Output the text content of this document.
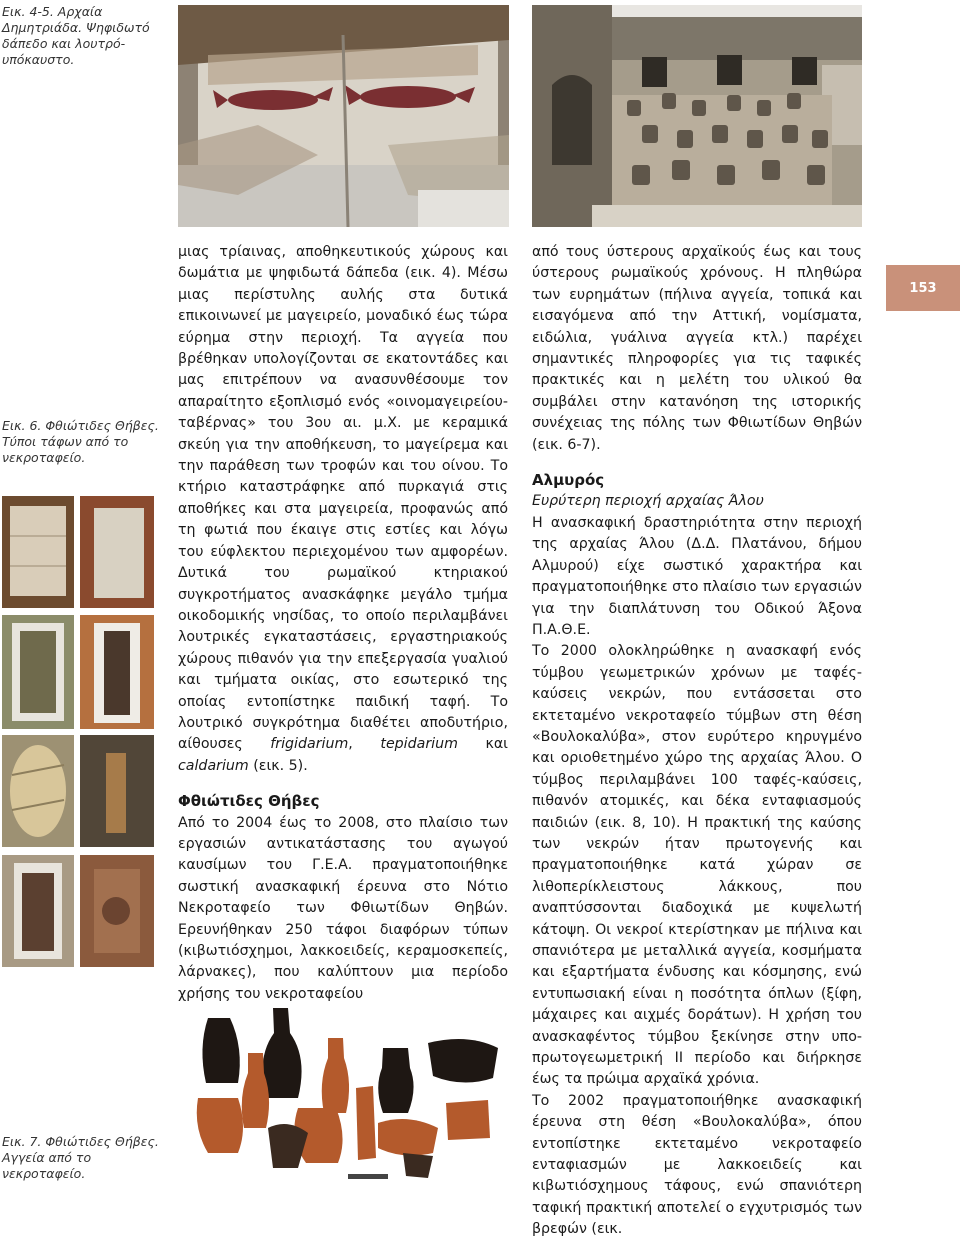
Εικ. 4-5. Αρχαία Δημητριάδα. Ψηφιδωτό δάπεδο και λουτρό-υπόκαυστο.
Εικ. 6. Φθιώτιδες Θήβες. Τύποι τάφων από το νεκροταφείο.
Εικ. 7. Φθιώτιδες Θήβες. Αγγεία από το νεκροταφείο.

μιας τρίαινας, αποθηκευτικούς χώρους και δωμάτια με ψηφιδωτά δάπεδα (εικ. 4). Μέσω μιας περίστυλης αυλής στα δυτικά επικοινωνεί με μαγειρείο, μοναδικό έως τώρα εύρημα στην περιοχή. Τα αγγεία που βρέθηκαν υπολογίζονται σε εκατοντάδες και μας επιτρέπουν να ανασυνθέσουμε τον απαραίτητο εξοπλισμό ενός «οινομαγειρείου-ταβέρνας» του 3ου αι. μ.Χ. με κεραμικά σκεύη για την αποθήκευση, το μαγείρεμα και την παράθεση των τροφών και του οίνου. Το κτήριο καταστράφηκε από πυρκαγιά στις αποθήκες και στα μαγειρεία, προφανώς από τη φωτιά που έκαιγε στις εστίες και λόγω του εύφλεκτου περιεχομένου των αμφορέων. Δυτικά του ρωμαϊκού κτηριακού συγκροτήματος ανασκάφηκε μεγάλο τμήμα οικοδομικής νησίδας, το οποίο περιλαμβάνει λουτρικές εγκαταστάσεις, εργαστηριακούς χώρους πιθανόν για την επεξεργασία γυαλιού και τμήματα οικίας, στο εσωτερικό της οποίας εντοπίστηκε παιδική ταφή. Το λουτρικό συγκρότημα διαθέτει αποδυτήριο, αίθουσες frigidarium, tepidarium και caldarium (εικ. 5).

Φθιώτιδες Θήβες

Από το 2004 έως το 2008, στο πλαίσιο των εργασιών αντικατάστασης του αγωγού καυσίμων του Γ.Ε.Α. πραγματοποιήθηκε σωστική ανασκαφική έρευνα στο Νότιο Νεκροταφείο των Φθιωτίδων Θηβών. Ερευνήθηκαν 250 τάφοι διαφόρων τύπων (κιβωτιόσχημοι, λακκοειδείς, κεραμοσκεπείς, λάρνακες), που καλύπτουν μια περίοδο χρήσης του νεκροταφείου

από τους ύστερους αρχαϊκούς έως και τους ύστερους ρωμαϊκούς χρόνους. Η πληθώρα των ευρημάτων (πήλινα αγγεία, τοπικά και εισαγόμενα από την Αττική, νομίσματα, ειδώλια, γυάλινα αγγεία κτλ.) παρέχει σημαντικές πληροφορίες για τις ταφικές πρακτικές και η μελέτη του υλικού θα συμβάλει στην κατανόηση της ιστορικής συνέχειας της πόλης των Φθιωτίδων Θηβών (εικ. 6-7).

Αλμυρός

Ευρύτερη περιοχή αρχαίας Άλου

Η ανασκαφική δραστηριότητα στην περιοχή της αρχαίας Άλου (Δ.Δ. Πλατάνου, δήμου Αλμυρού) είχε σωστικό χαρακτήρα και πραγματοποιήθηκε στο πλαίσιο των εργασιών για την διαπλάτυνση του Οδικού Άξονα Π.Α.Θ.Ε.

Το 2000 ολοκληρώθηκε η ανασκαφή ενός τύμβου γεωμετρικών χρόνων με ταφές-καύσεις νεκρών, που εντάσσεται στο εκτεταμένο νεκροταφείο τύμβων στη θέση «Βουλοκαλύβα», στον ευρύτερο κηρυγμένο και οριοθετημένο χώρο της αρχαίας Άλου. Ο τύμβος περιλαμβάνει 100 ταφές-καύσεις, πιθανόν ατομικές, και δέκα ενταφιασμούς παιδιών (εικ. 8, 10). Η πρακτική της καύσης των νεκρών ήταν πρωτογενής και πραγματοποιήθηκε κατά χώραν σε λιθοπερίκλειστους λάκκους, που αναπτύσσονται διαδοχικά με κυψελωτή κάτοψη. Οι νεκροί κτερίστηκαν με πήλινα και σπανιότερα με μεταλλικά αγγεία, κοσμήματα και εξαρτήματα ένδυσης και κόσμησης, ενώ εντυπωσιακή είναι η ποσότητα όπλων (ξίφη, μάχαιρες και αιχμές δοράτων). Η χρήση του ανασκαφέντος τύμβου ξεκίνησε στην υπο-πρωτογεωμετρική II περίοδο και διήρκησε έως τα πρώιμα αρχαϊκά χρόνια.

Το 2002 πραγματοποιήθηκε ανασκαφική έρευνα στη θέση «Βουλοκαλύβα», όπου εντοπίστηκε εκτεταμένο νεκροταφείο ενταφιασμών με λακκοειδείς και κιβωτιόσχημους τάφους, ενώ σπανιότερη ταφική πρακτική αποτελεί ο εγχυτρισμός των βρεφών (εικ.

153
